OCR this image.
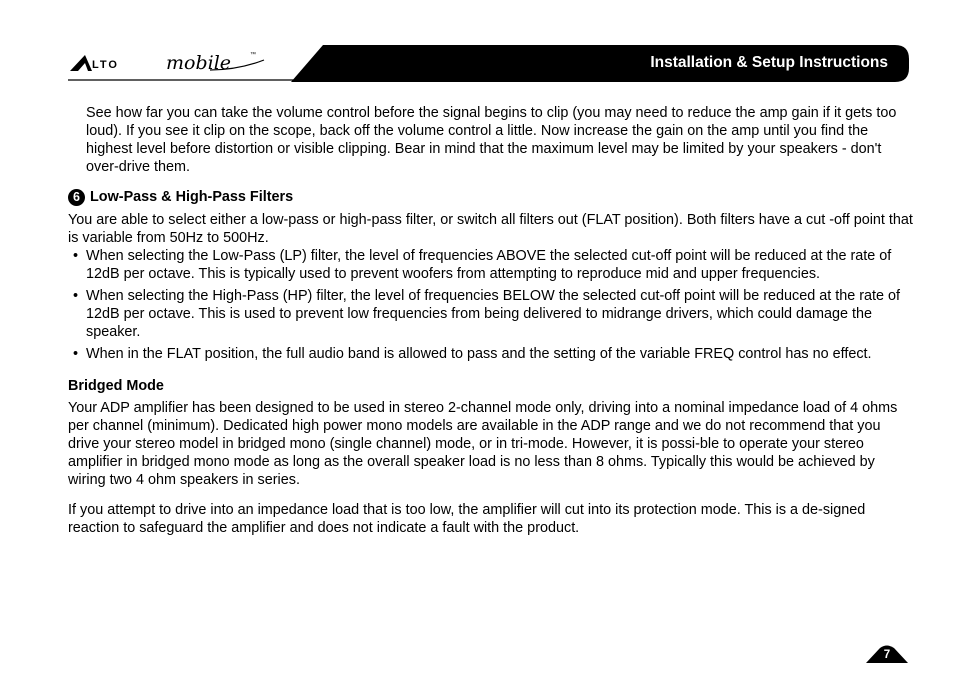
LTO mobile	™	Installation & Setup Instructions

See how far you can take the volume control before the signal begins to clip (you may need to reduce the amp gain if it gets too loud). If you see it clip on the scope, back off the volume control a little. Now increase the gain on the amp until you find the highest level before distortion or visible clipping. Bear in mind that the maximum level may be limited by your speakers - don't over-drive them.

6 Low-Pass & High-Pass Filters

You are able to select either a low-pass or high-pass filter, or switch all filters out (FLAT position). Both filters have a cut -off point that is variable from 50Hz to 500Hz.

• When selecting the Low-Pass (LP) filter, the level of frequencies ABOVE the selected cut-off point will be reduced at the rate of 12dB per octave. This is typically used to prevent woofers from attempting to reproduce mid and upper frequencies.
• When selecting the High-Pass (HP) filter, the level of frequencies BELOW the selected cut-off point will be reduced at the rate of 12dB per octave. This is used to prevent low frequencies from being delivered to midrange drivers, which could damage the speaker.
• When in the FLAT position, the full audio band is allowed to pass and the setting of the variable FREQ control has no effect.
Bridged Mode

Your ADP amplifier has been designed to be used in stereo 2-channel mode only, driving into a nominal impedance load of 4 ohms per channel (minimum). Dedicated high power mono models are available in the ADP range and we do not recommend that you drive your stereo model in bridged mono (single channel) mode, or in tri-mode. However, it is possi-ble to operate your stereo amplifier in bridged mono mode as long as the overall speaker load is no less than 8 ohms. Typically this would be achieved by wiring two 4 ohm speakers in series.

If you attempt to drive into an impedance load that is too low, the amplifier will cut into its protection mode. This is a de-signed reaction to safeguard the amplifier and does not indicate a fault with the product.

7
